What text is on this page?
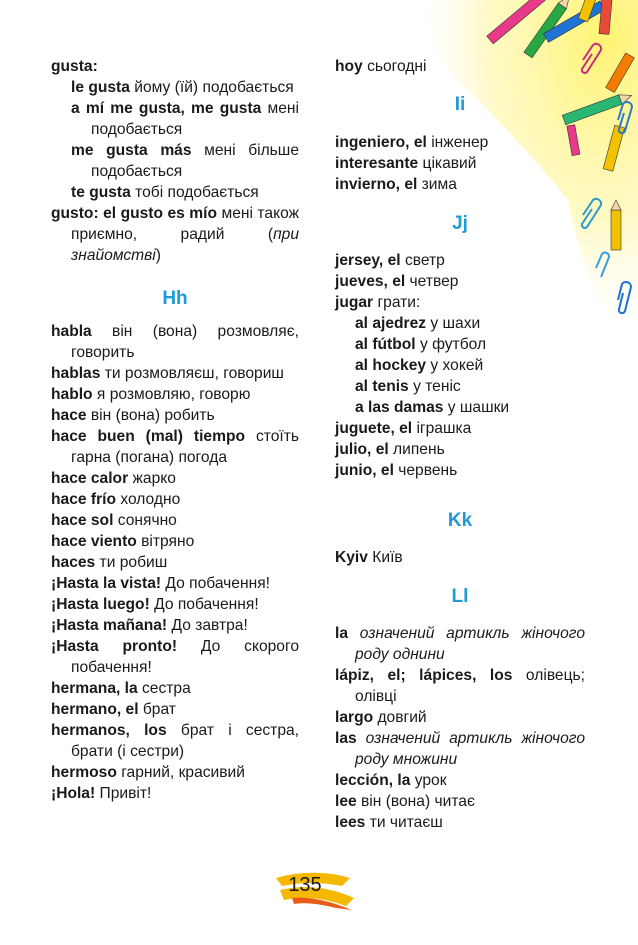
gusta:
le gusta йому (їй) подобається
a mí me gusta, me gusta мені подобається
me gusta más мені більше подобається
te gusta тобі подобається
gusto: el gusto es mío мені також приємно, радий (при знайомстві)
Hh
habla він (вона) розмовляє, говорить
hablas ти розмовляєш, говориш
hablo я розмовляю, говорю
hace він (вона) робить
hace buen (mal) tiempo стоїть гарна (погана) погода
hace calor жарко
hace frío холодно
hace sol сонячно
hace viento вітряно
haces ти робиш
¡Hasta la vista! До побачення!
¡Hasta luego! До побачення!
¡Hasta mañana! До завтра!
¡Hasta pronto! До скорого побачення!
hermana, la сестра
hermano, el брат
hermanos, los брат і сестра, брати (і сестри)
hermoso гарний, красивий
¡Hola! Привіт!
hoy сьогодні
Ii
ingeniero, el інженер
interesante цікавий
invierno, el зима
Jj
jersey, el светр
jueves, el четвер
jugar грати:
al ajedrez у шахи
al fútbol у футбол
al hockey у хокей
al tenis у теніс
a las damas у шашки
juguete, el іграшка
julio, el липень
junio, el червень
Kk
Kyiv Київ
Ll
la означений артикль жіночого роду однини
lápiz, el; lápices, los олівець; олівці
largo довгий
las означений артикль жіночого роду множини
lección, la урок
lee він (вона) читає
lees ти читаєш
135
